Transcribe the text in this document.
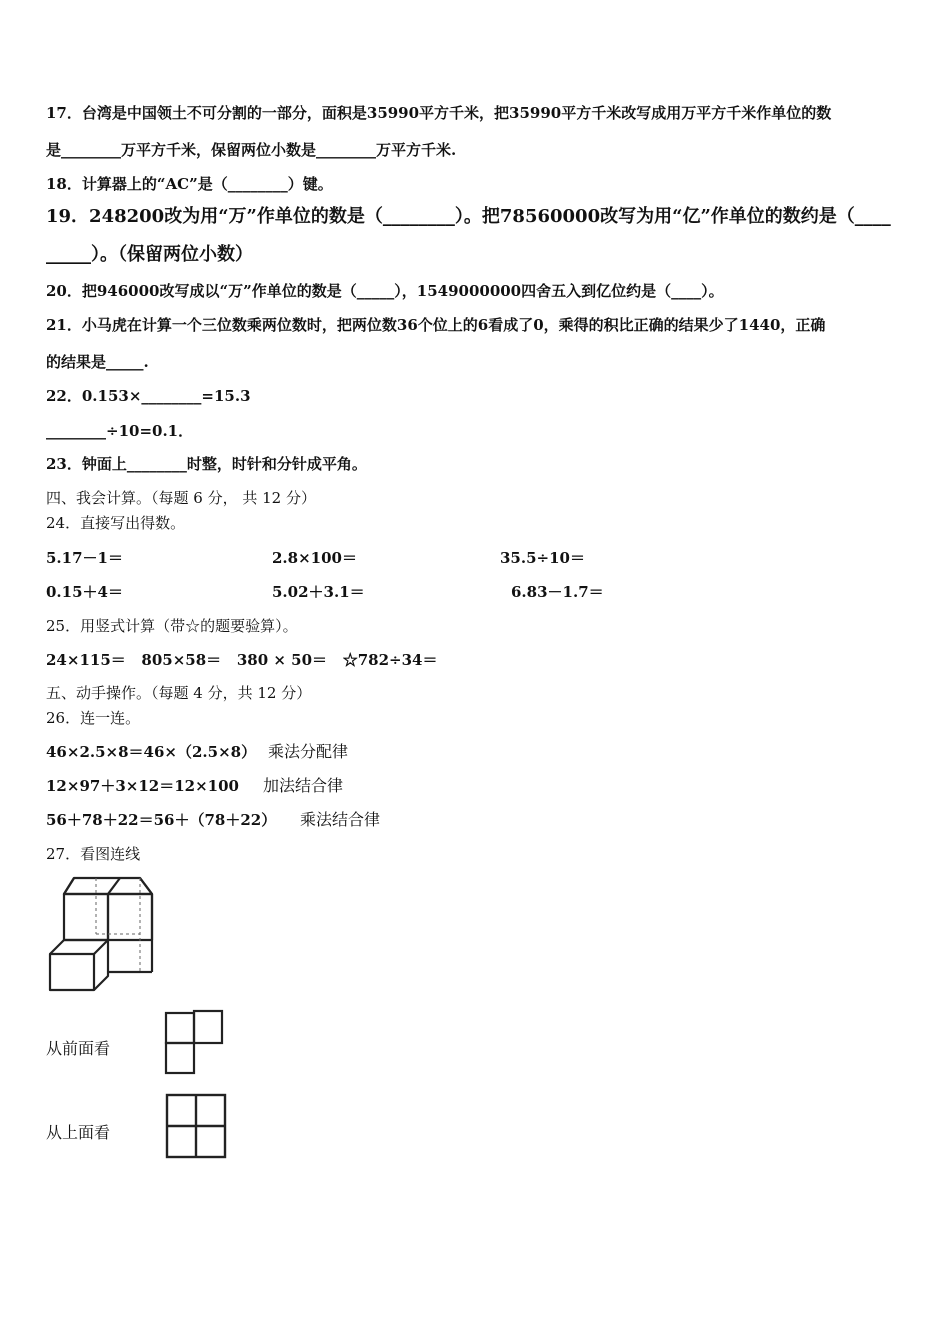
17．台湾是中国领土不可分割的一部分，面积是35990平方千米，把35990平方千米改写成用万平方千米作单位的数
是________万平方千米，保留两位小数是________万平方千米.
18．计算器上的“AC”是（________）键。
19．248200改为用“万”作单位的数是（________）。把78560000改写为用“亿”作单位的数约是（____
_____）。（保留两位小数）
20．把946000改写成以“万”作单位的数是（_____），1549000000四舍五入到亿位约是（____）。
21．小马虎在计算一个三位数乘两位数时，把两位数36个位上的6看成了0，乘得的积比正确的结果少了1440，正确
的结果是_____.
22．0.153×________=15.3
________÷10=0.1．
23．钟面上________时整，时针和分针成平角。
四、我会计算。（每题 6 分， 共 12 分）
24．直接写出得数。
5.17－1＝	2.8×100＝	35.5÷10＝
0.15＋4＝	5.02＋3.1＝	6.83－1.7＝
25．用竖式计算（带☆的题要验算）。
24×115＝   805×58＝   380 × 50＝   ☆782÷34＝
五、动手操作。（每题 4 分，共 12 分）
26．连一连。
46×2.5×8＝46×（2.5×8） 乘法分配律
12×97＋3×12＝12×100 加法结合律
56＋78＋22＝56＋（78＋22） 乘法结合律
27．看图连线
从前面看
从上面看
